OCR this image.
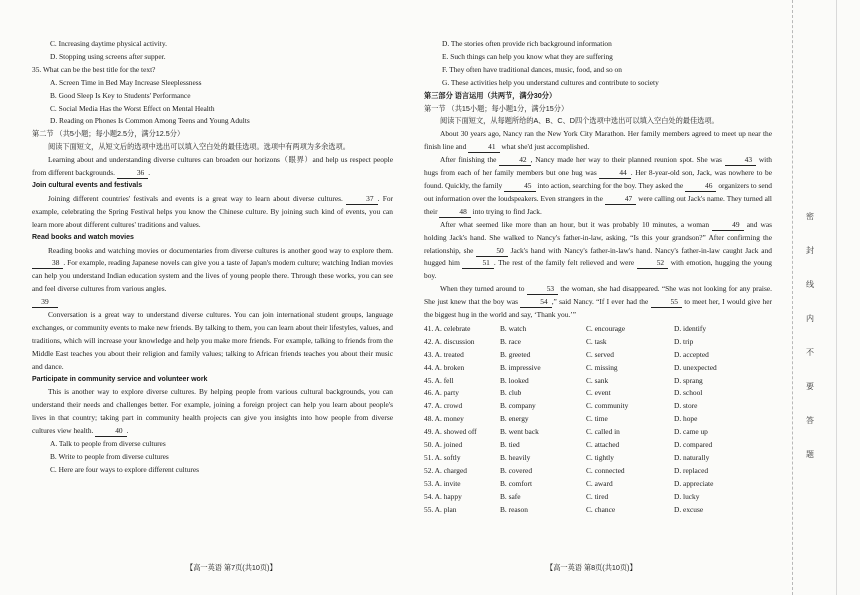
C. Increasing daytime physical activity.
D. Stopping using screens after supper.
35. What can be the best title for the text?
A. Screen Time in Bed May Increase Sleeplessness
B. Good Sleep Is Key to Students' Performance
C. Social Media Has the Worst Effect on Mental Health
D. Reading on Phones Is Common Among Teens and Young Adults
第二节 （共5小题；每小题2.5分，满分12.5分）
阅读下面短文，从短文后的选项中选出可以填入空白处的最佳选项。选项中有两项为多余选项。
Learning about and understanding diverse cultures can broaden our horizons（眼界）and help us respect people from different backgrounds.	36 .
Join cultural events and festivals
Joining different countries' festivals and events is a great way to learn about diverse cultures.	37 . For example, celebrating the Spring Festival helps you know the Chinese culture. By joining such kind of events, you can learn more about different cultures' traditions and values.
Read books and watch movies
Reading books and watching movies or documentaries from diverse cultures is another good way to explore them. 38 . For example, reading Japanese novels can give you a taste of Japan's modern culture; watching Indian movies can help you understand Indian education system and the lives of young people there. Through these works, you can see and feel diverse cultures from various angles.
39
Conversation is a great way to understand diverse cultures. You can join international student groups, language exchanges, or community events to make new friends. By talking to them, you can learn about their lifestyles, values, and traditions, which will increase your knowledge and help you make more friends. For example, talking to friends from the Middle East teaches you about their religion and family values; talking to African friends teaches you about their music and dance.
Participate in community service and volunteer work
This is another way to explore diverse cultures. By helping people from various cultural backgrounds, you can understand their needs and challenges better. For example, joining a foreign project can help you learn about people's lives in that country; taking part in community health projects can give you insights into how people from diverse cultures view health.	40 .
A. Talk to people from diverse cultures
B. Write to people from diverse cultures
C. Here are four ways to explore different cultures
D. The stories often provide rich background information
E. Such things can help you know what they are suffering
F. They often have traditional dances, music, food, and so on
G. These activities help you understand cultures and contribute to society
第三部分 语言运用（共两节，满分30分）
第一节 （共15小题；每小题1分，满分15分）
阅读下面短文，从每题所给的A、B、C、D四个选项中选出可以填入空白处的最佳选项。
About 30 years ago, Nancy ran the New York City Marathon. Her family members agreed to meet up near the finish line and	41 what she'd just accomplished.
After finishing the	42 , Nancy made her way to their planned reunion spot. She was	43 with hugs from each of her family members but one hug was	44 . Her 8-year-old son, Jack, was nowhere to be found. Quickly, the family	45 into action, searching for the boy. They asked the	46 organizers to send out information over the loudspeakers. Even strangers in the	47 were calling out Jack's name. They turned all their	48 into trying to find Jack.
After what seemed like more than an hour, but it was probably 10 minutes, a woman	49 and was holding Jack's hand. She walked to Nancy's father-in-law, asking, “Is this your grandson?” After confirming the relationship, she	50 Jack's hand with Nancy's father-in-law's hand. Nancy's father-in-law caught Jack and hugged him	51 . The rest of the family felt relieved and were	52 with emotion, hugging the young boy.
When they turned around to	53 the woman, she had disappeared. “She was not looking for any praise. She just knew that the boy was	54 ,” said Nancy. “If I ever had the	55 to meet her, I would give her the biggest hug in the world and say, ‘Thank you.’”
41. A. celebrate	B. watch	C. encourage	D. identify
42. A. discussion	B. race	C. task	D. trip
43. A. treated	B. greeted	C. served	D. accepted
44. A. broken	B. impressive	C. missing	D. unexpected
45. A. fell	B. looked	C. sank	D. sprang
46. A. party	B. club	C. event	D. school
47. A. crowd	B. company	C. community	D. store
48. A. money	B. energy	C. time	D. hope
49. A. showed off	B. went back	C. called in	D. came up
50. A. joined	B. tied	C. attached	D. compared
51. A. softly	B. heavily	C. tightly	D. naturally
52. A. charged	B. covered	C. connected	D. replaced
53. A. invite	B. comfort	C. award	D. appreciate
54. A. happy	B. safe	C. tired	D. lucky
55. A. plan	B. reason	C. chance	D. excuse
【高一英语 第7页(共10页)】	【高一英语 第8页(共10页)】
密
封
线
内
不
要
答
题
